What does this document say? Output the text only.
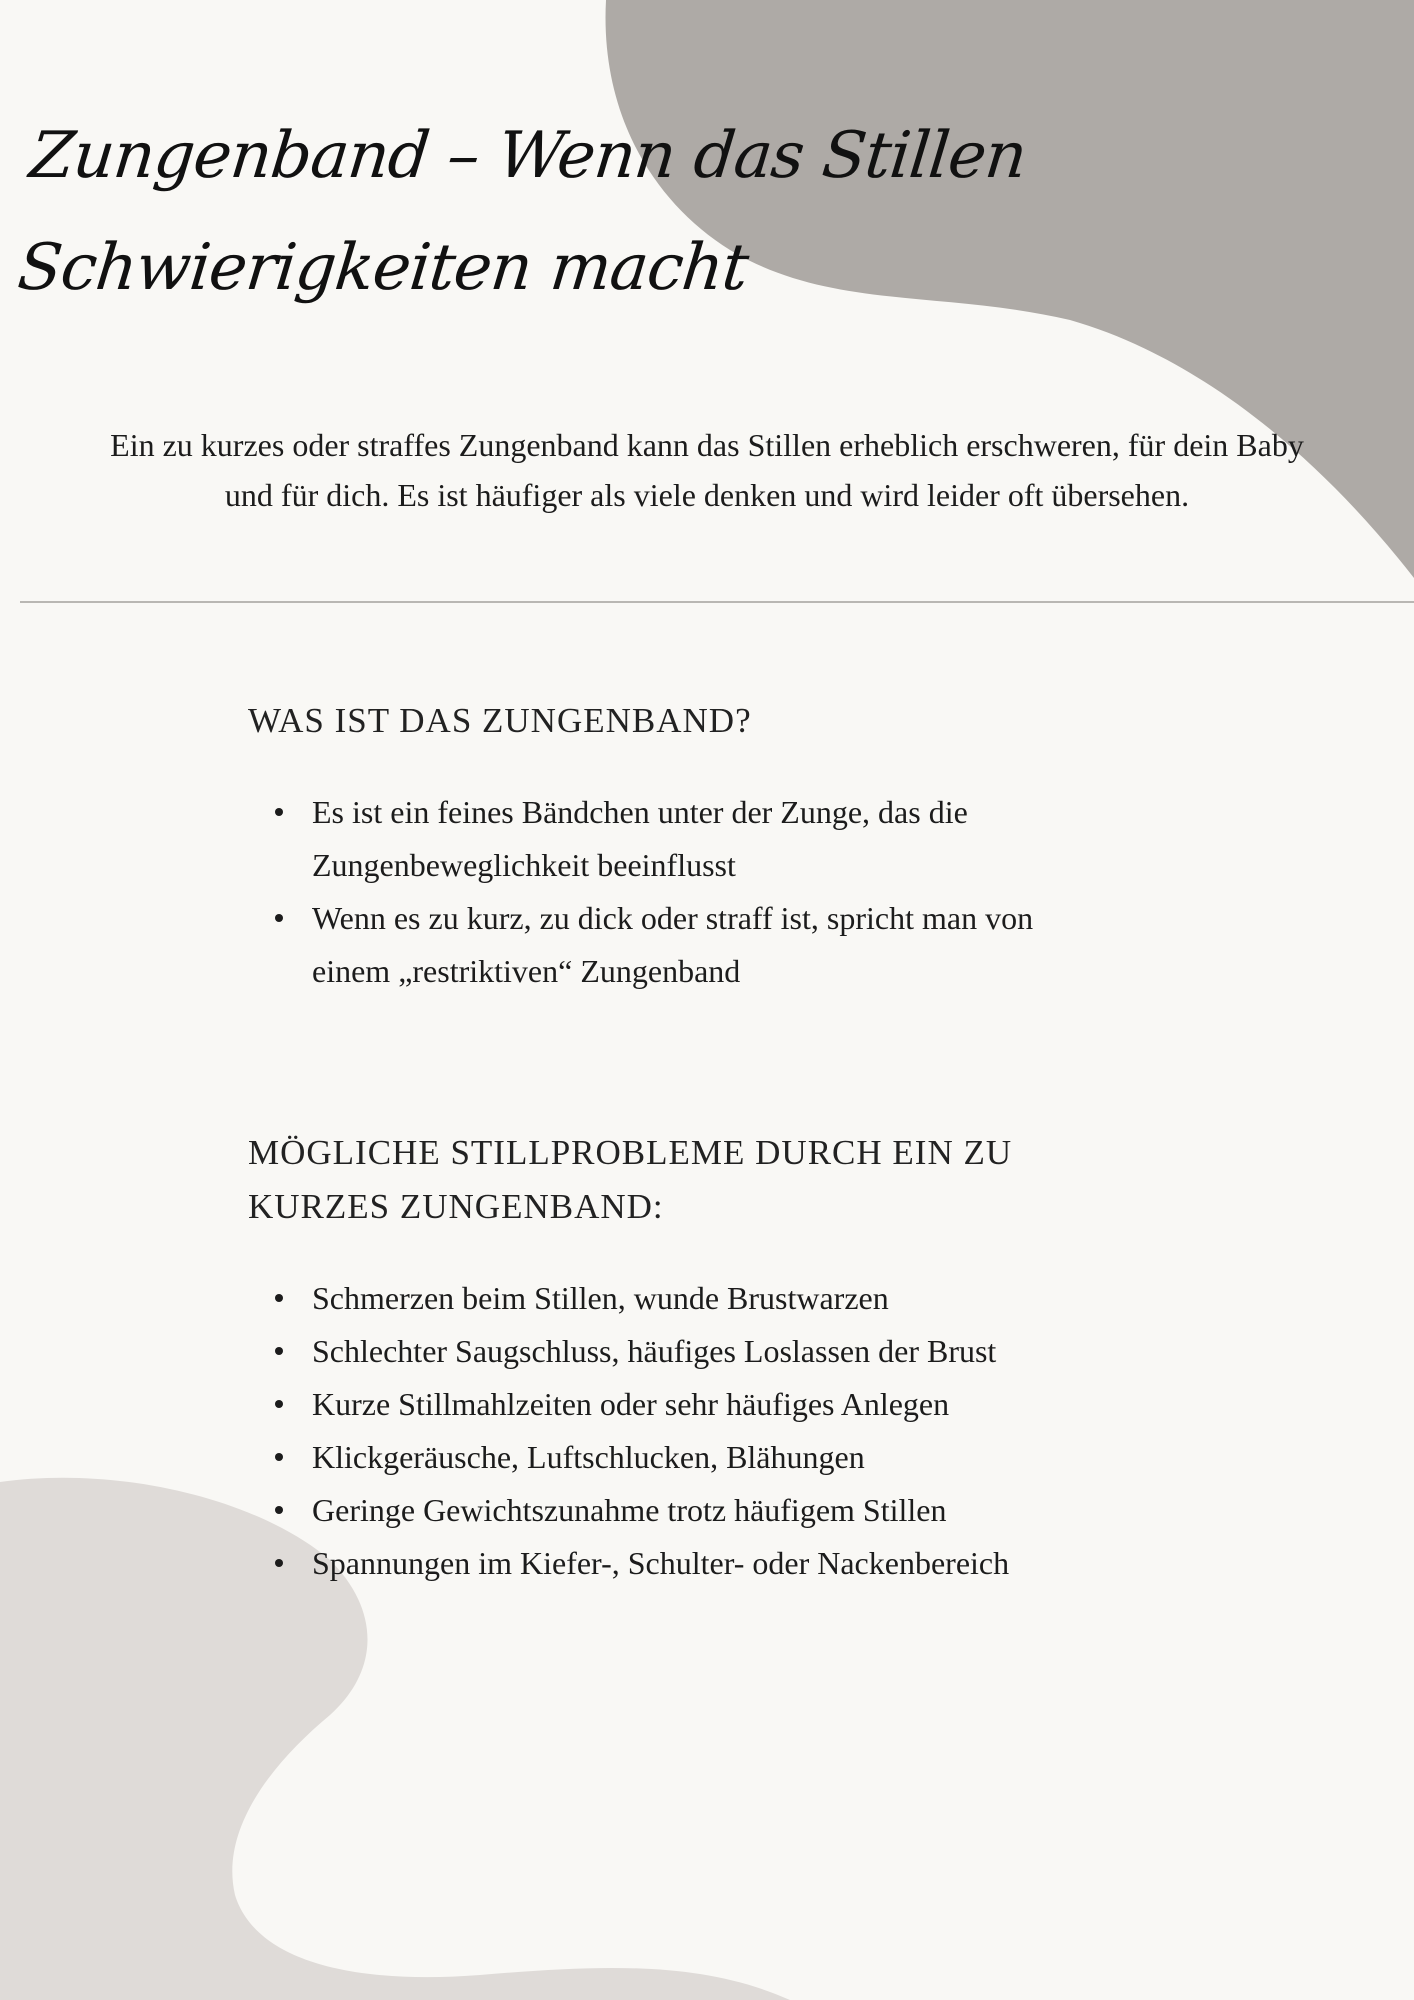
Zungenband – Wenn das Stillen
Schwierigkeiten macht

Ein zu kurzes oder straffes Zungenband kann das Stillen erheblich erschweren, für dein Baby
und für dich. Es ist häufiger als viele denken und wird leider oft übersehen.

WAS IST DAS ZUNGENBAND?
Es ist ein feines Bändchen unter der Zunge, das die
Zungenbeweglichkeit beeinflusst
Wenn es zu kurz, zu dick oder straff ist, spricht man von
einem „restriktiven“ Zungenband
MÖGLICHE STILLPROBLEME DURCH EIN ZU
KURZES ZUNGENBAND:
Schmerzen beim Stillen, wunde Brustwarzen
Schlechter Saugschluss, häufiges Loslassen der Brust
Kurze Stillmahlzeiten oder sehr häufiges Anlegen
Klickgeräusche, Luftschlucken, Blähungen
Geringe Gewichtszunahme trotz häufigem Stillen
Spannungen im Kiefer-, Schulter- oder Nackenbereich
